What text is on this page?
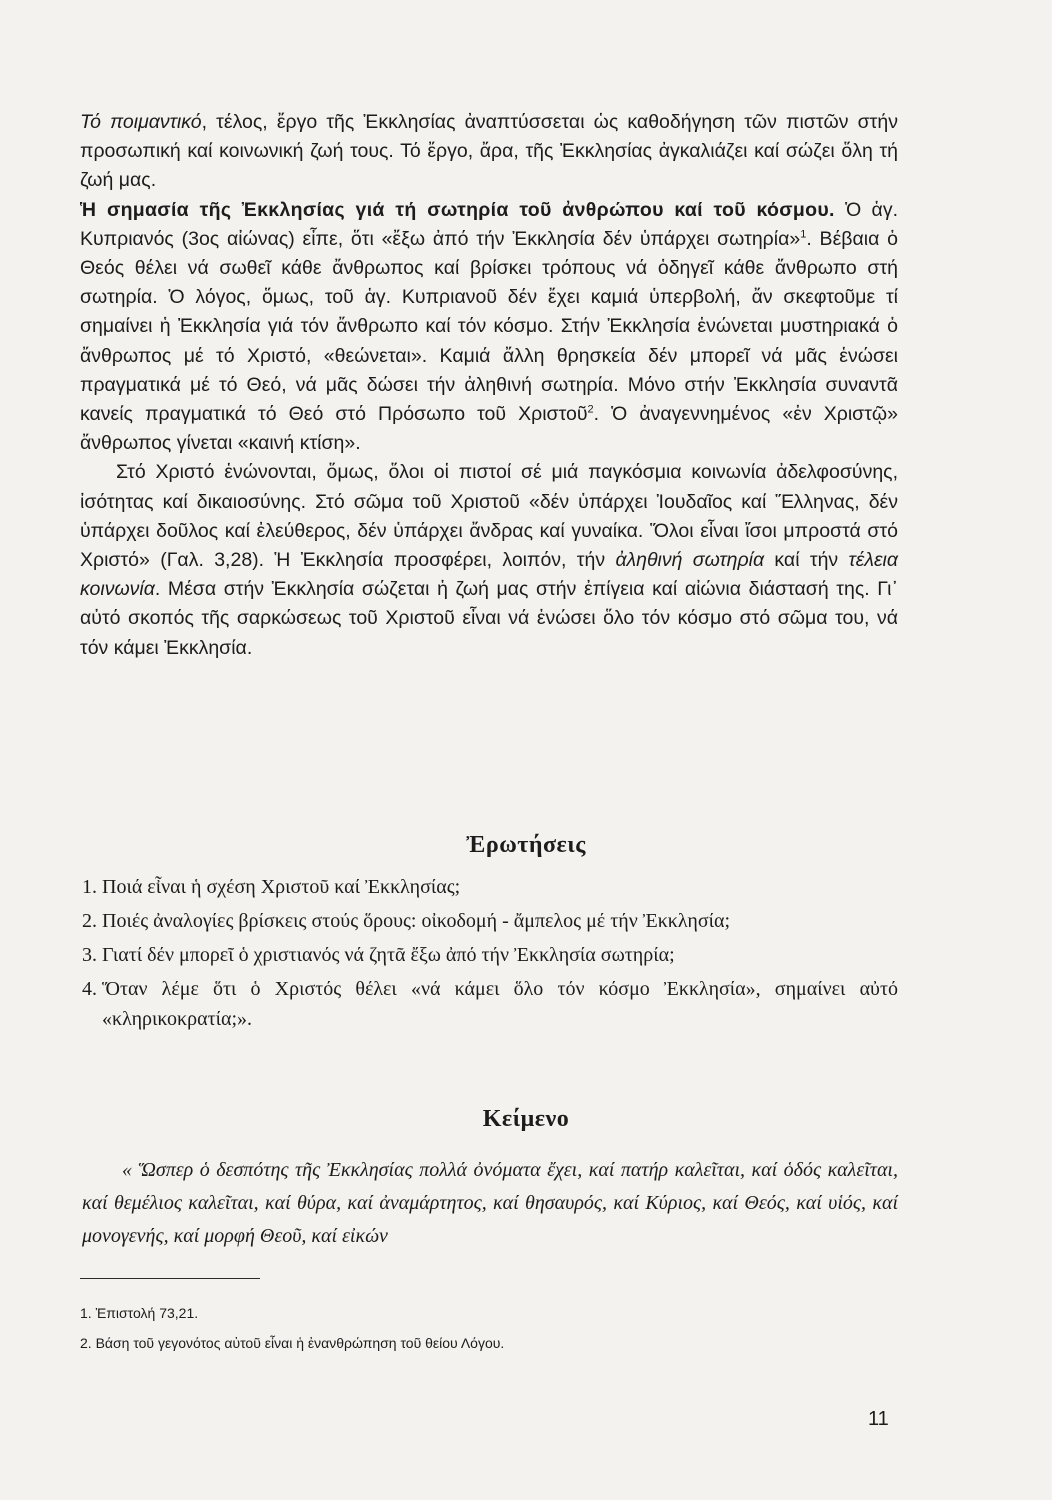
Τό ποιμαντικό, τέλος, ἔργο τῆς Ἐκκλησίας ἀναπτύσσεται ὡς καθοδήγηση τῶν πιστῶν στήν προσωπική καί κοινωνική ζωή τους. Τό ἔργο, ἄρα, τῆς Ἐκκλησίας ἀγκαλιάζει καί σώζει ὅλη τή ζωή μας.

Ἡ σημασία τῆς Ἐκκλησίας γιά τή σωτηρία τοῦ ἀνθρώπου καί τοῦ κόσμου. Ὁ ἁγ. Κυπριανός (3ος αἰώνας) εἶπε, ὅτι «ἔξω ἀπό τήν Ἐκκλησία δέν ὑπάρχει σωτηρία»$^1$. Βέβαια ὁ Θεός θέλει νά σωθεῖ κάθε ἄνθρωπος καί βρίσκει τρόπους νά ὁδηγεῖ κάθε ἄνθρωπο στή σωτηρία. Ὁ λόγος, ὅμως, τοῦ ἁγ. Κυπριανοῦ δέν ἔχει καμιά ὑπερβολή, ἄν σκεφτοῦμε τί σημαίνει ἡ Ἐκκλησία γιά τόν ἄνθρωπο καί τόν κόσμο. Στήν Ἐκκλησία ἑνώνεται μυστηριακά ὁ ἄνθρωπος μέ τό Χριστό, «θεώνεται». Καμιά ἄλλη θρησκεία δέν μπορεῖ νά μᾶς ἑνώσει πραγματικά μέ τό Θεό, νά μᾶς δώσει τήν ἀληθινή σωτηρία. Μόνο στήν Ἐκκλησία συναντᾶ κανείς πραγματικά τό Θεό στό Πρόσωπο τοῦ Χριστοῦ$^2$. Ὁ ἀναγεννημένος «ἐν Χριστῷ» ἄνθρωπος γίνεται «καινή κτίση».

Στό Χριστό ἑνώνονται, ὅμως, ὅλοι οἱ πιστοί σέ μιά παγκόσμια κοινωνία ἀδελφοσύνης, ἰσότητας καί δικαιοσύνης. Στό σῶμα τοῦ Χριστοῦ «δέν ὑπάρχει Ἰουδαῖος καί Ἕλληνας, δέν ὑπάρχει δοῦλος καί ἐλεύθερος, δέν ὑπάρχει ἄνδρας καί γυναίκα. Ὅλοι εἶναι ἴσοι μπροστά στό Χριστό» (Γαλ. 3,28). Ἡ Ἐκκλησία προσφέρει, λοιπόν, τήν ἀληθινή σωτηρία καί τήν τέλεια κοινωνία. Μέσα στήν Ἐκκλησία σώζεται ἡ ζωή μας στήν ἐπίγεια καί αἰώνια διάστασή της. Γι᾿ αὐτό σκοπός τῆς σαρκώσεως τοῦ Χριστοῦ εἶναι νά ἑνώσει ὅλο τόν κόσμο στό σῶμα του, νά τόν κάμει Ἐκκλησία.

Ἐρωτήσεις
1. Ποιά εἶναι ἡ σχέση Χριστοῦ καί Ἐκκλησίας;
2. Ποιές ἀναλογίες βρίσκεις στούς ὅρους: οἰκοδομή - ἄμπελος μέ τήν Ἐκκλησία;
3. Γιατί δέν μπορεῖ ὁ χριστιανός νά ζητᾶ ἔξω ἀπό τήν Ἐκκλησία σωτηρία;
4. Ὅταν λέμε ὅτι ὁ Χριστός θέλει «νά κάμει ὅλο τόν κόσμο Ἐκκλησία», σημαίνει αὐτό «κληρικοκρατία;».
Κείμενο

« Ὥσπερ ὁ δεσπότης τῆς Ἐκκλησίας πολλά ὀνόματα ἔχει, καί πατήρ καλεῖται, καί ὁδός καλεῖται, καί θεμέλιος καλεῖται, καί θύρα, καί ἀναμάρτητος, καί θησαυρός, καί Κύριος, καί Θεός, καί υἱός, καί μονογενής, καί μορφή Θεοῦ, καί εἰκών

1. Ἐπιστολή 73,21.
2. Βάση τοῦ γεγονότος αὐτοῦ εἶναι ἡ ἐνανθρώπηση τοῦ θείου Λόγου.
11
